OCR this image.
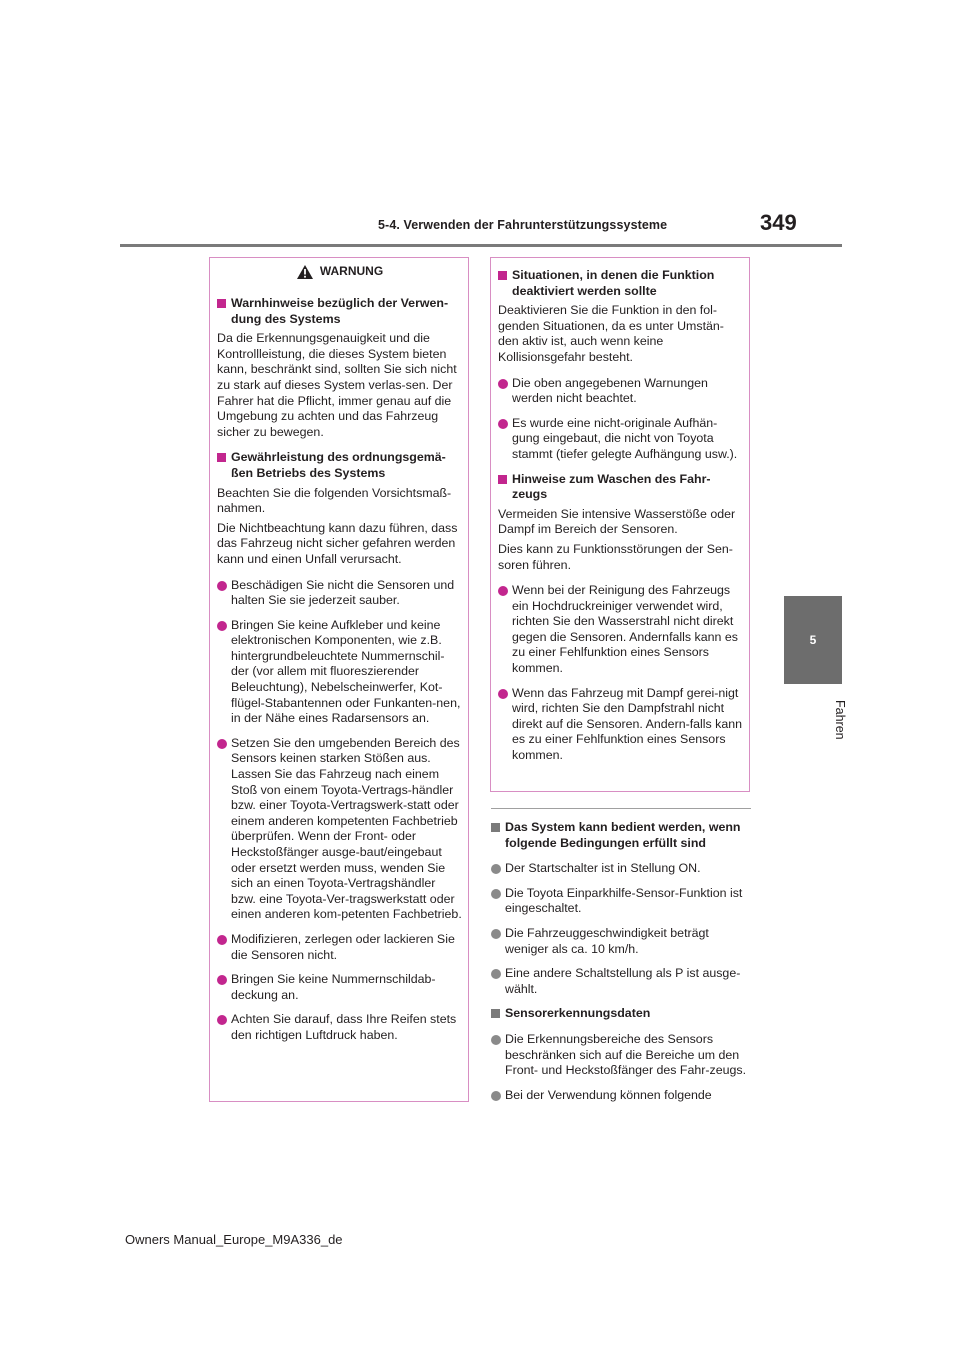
5-4. Verwenden der Fahrunterstützungssysteme	349
5
Fahren
WARNUNG
Warnhinweise bezüglich der Verwen-dung des Systems
Da die Erkennungsgenauigkeit und die Kontrollleistung, die dieses System bieten kann, beschränkt sind, sollten Sie sich nicht zu stark auf dieses System verlas-sen. Der Fahrer hat die Pflicht, immer genau auf die Umgebung zu achten und das Fahrzeug sicher zu bewegen.
Gewährleistung des ordnungsgemä-ßen Betriebs des Systems
Beachten Sie die folgenden Vorsichtsmaß-nahmen.
Die Nichtbeachtung kann dazu führen, dass das Fahrzeug nicht sicher gefahren werden kann und einen Unfall verursacht.
Beschädigen Sie nicht die Sensoren und halten Sie sie jederzeit sauber.
Bringen Sie keine Aufkleber und keine elektronischen Komponenten, wie z.B. hintergrundbeleuchtete Nummernschil-der (vor allem mit fluoreszierender Beleuchtung), Nebelscheinwerfer, Kot-flügel-Stabantennen oder Funkanten-nen, in der Nähe eines Radarsensors an.
Setzen Sie den umgebenden Bereich des Sensors keinen starken Stößen aus. Lassen Sie das Fahrzeug nach einem Stoß von einem Toyota-Vertrags-händler bzw. einer Toyota-Vertragswerk-statt oder einem anderen kompetenten Fachbetrieb überprüfen. Wenn der Front- oder Heckstoßfänger ausge-baut/eingebaut oder ersetzt werden muss, wenden Sie sich an einen Toyota-Vertragshändler bzw. eine Toyota-Ver-tragswerkstatt oder einen anderen kom-petenten Fachbetrieb.
Modifizieren, zerlegen oder lackieren Sie die Sensoren nicht.
Bringen Sie keine Nummernschildab-deckung an.
Achten Sie darauf, dass Ihre Reifen stets den richtigen Luftdruck haben.
Situationen, in denen die Funktion deaktiviert werden sollte
Deaktivieren Sie die Funktion in den fol-genden Situationen, da es unter Umstän-den aktiv ist, auch wenn keine Kollisionsgefahr besteht.
Die oben angegebenen Warnungen werden nicht beachtet.
Es wurde eine nicht-originale Aufhän-gung eingebaut, die nicht von Toyota stammt (tiefer gelegte Aufhängung usw.).
Hinweise zum Waschen des Fahr-zeugs
Vermeiden Sie intensive Wasserstöße oder Dampf im Bereich der Sensoren.
Dies kann zu Funktionsstörungen der Sen-soren führen.
Wenn bei der Reinigung des Fahrzeugs ein Hochdruckreiniger verwendet wird, richten Sie den Wasserstrahl nicht direkt gegen die Sensoren. Andernfalls kann es zu einer Fehlfunktion eines Sensors kommen.
Wenn das Fahrzeug mit Dampf gerei-nigt wird, richten Sie den Dampfstrahl nicht direkt auf die Sensoren. Andern-falls kann es zu einer Fehlfunktion eines Sensors kommen.
Das System kann bedient werden, wenn folgende Bedingungen erfüllt sind
Der Startschalter ist in Stellung ON.
Die Toyota Einparkhilfe-Sensor-Funktion ist eingeschaltet.
Die Fahrzeuggeschwindigkeit beträgt weniger als ca. 10 km/h.
Eine andere Schaltstellung als P ist ausge-wählt.
Sensorerkennungsdaten
Die Erkennungsbereiche des Sensors beschränken sich auf die Bereiche um den Front- und Heckstoßfänger des Fahr-zeugs.
Bei der Verwendung können folgende
Owners Manual_Europe_M9A336_de
